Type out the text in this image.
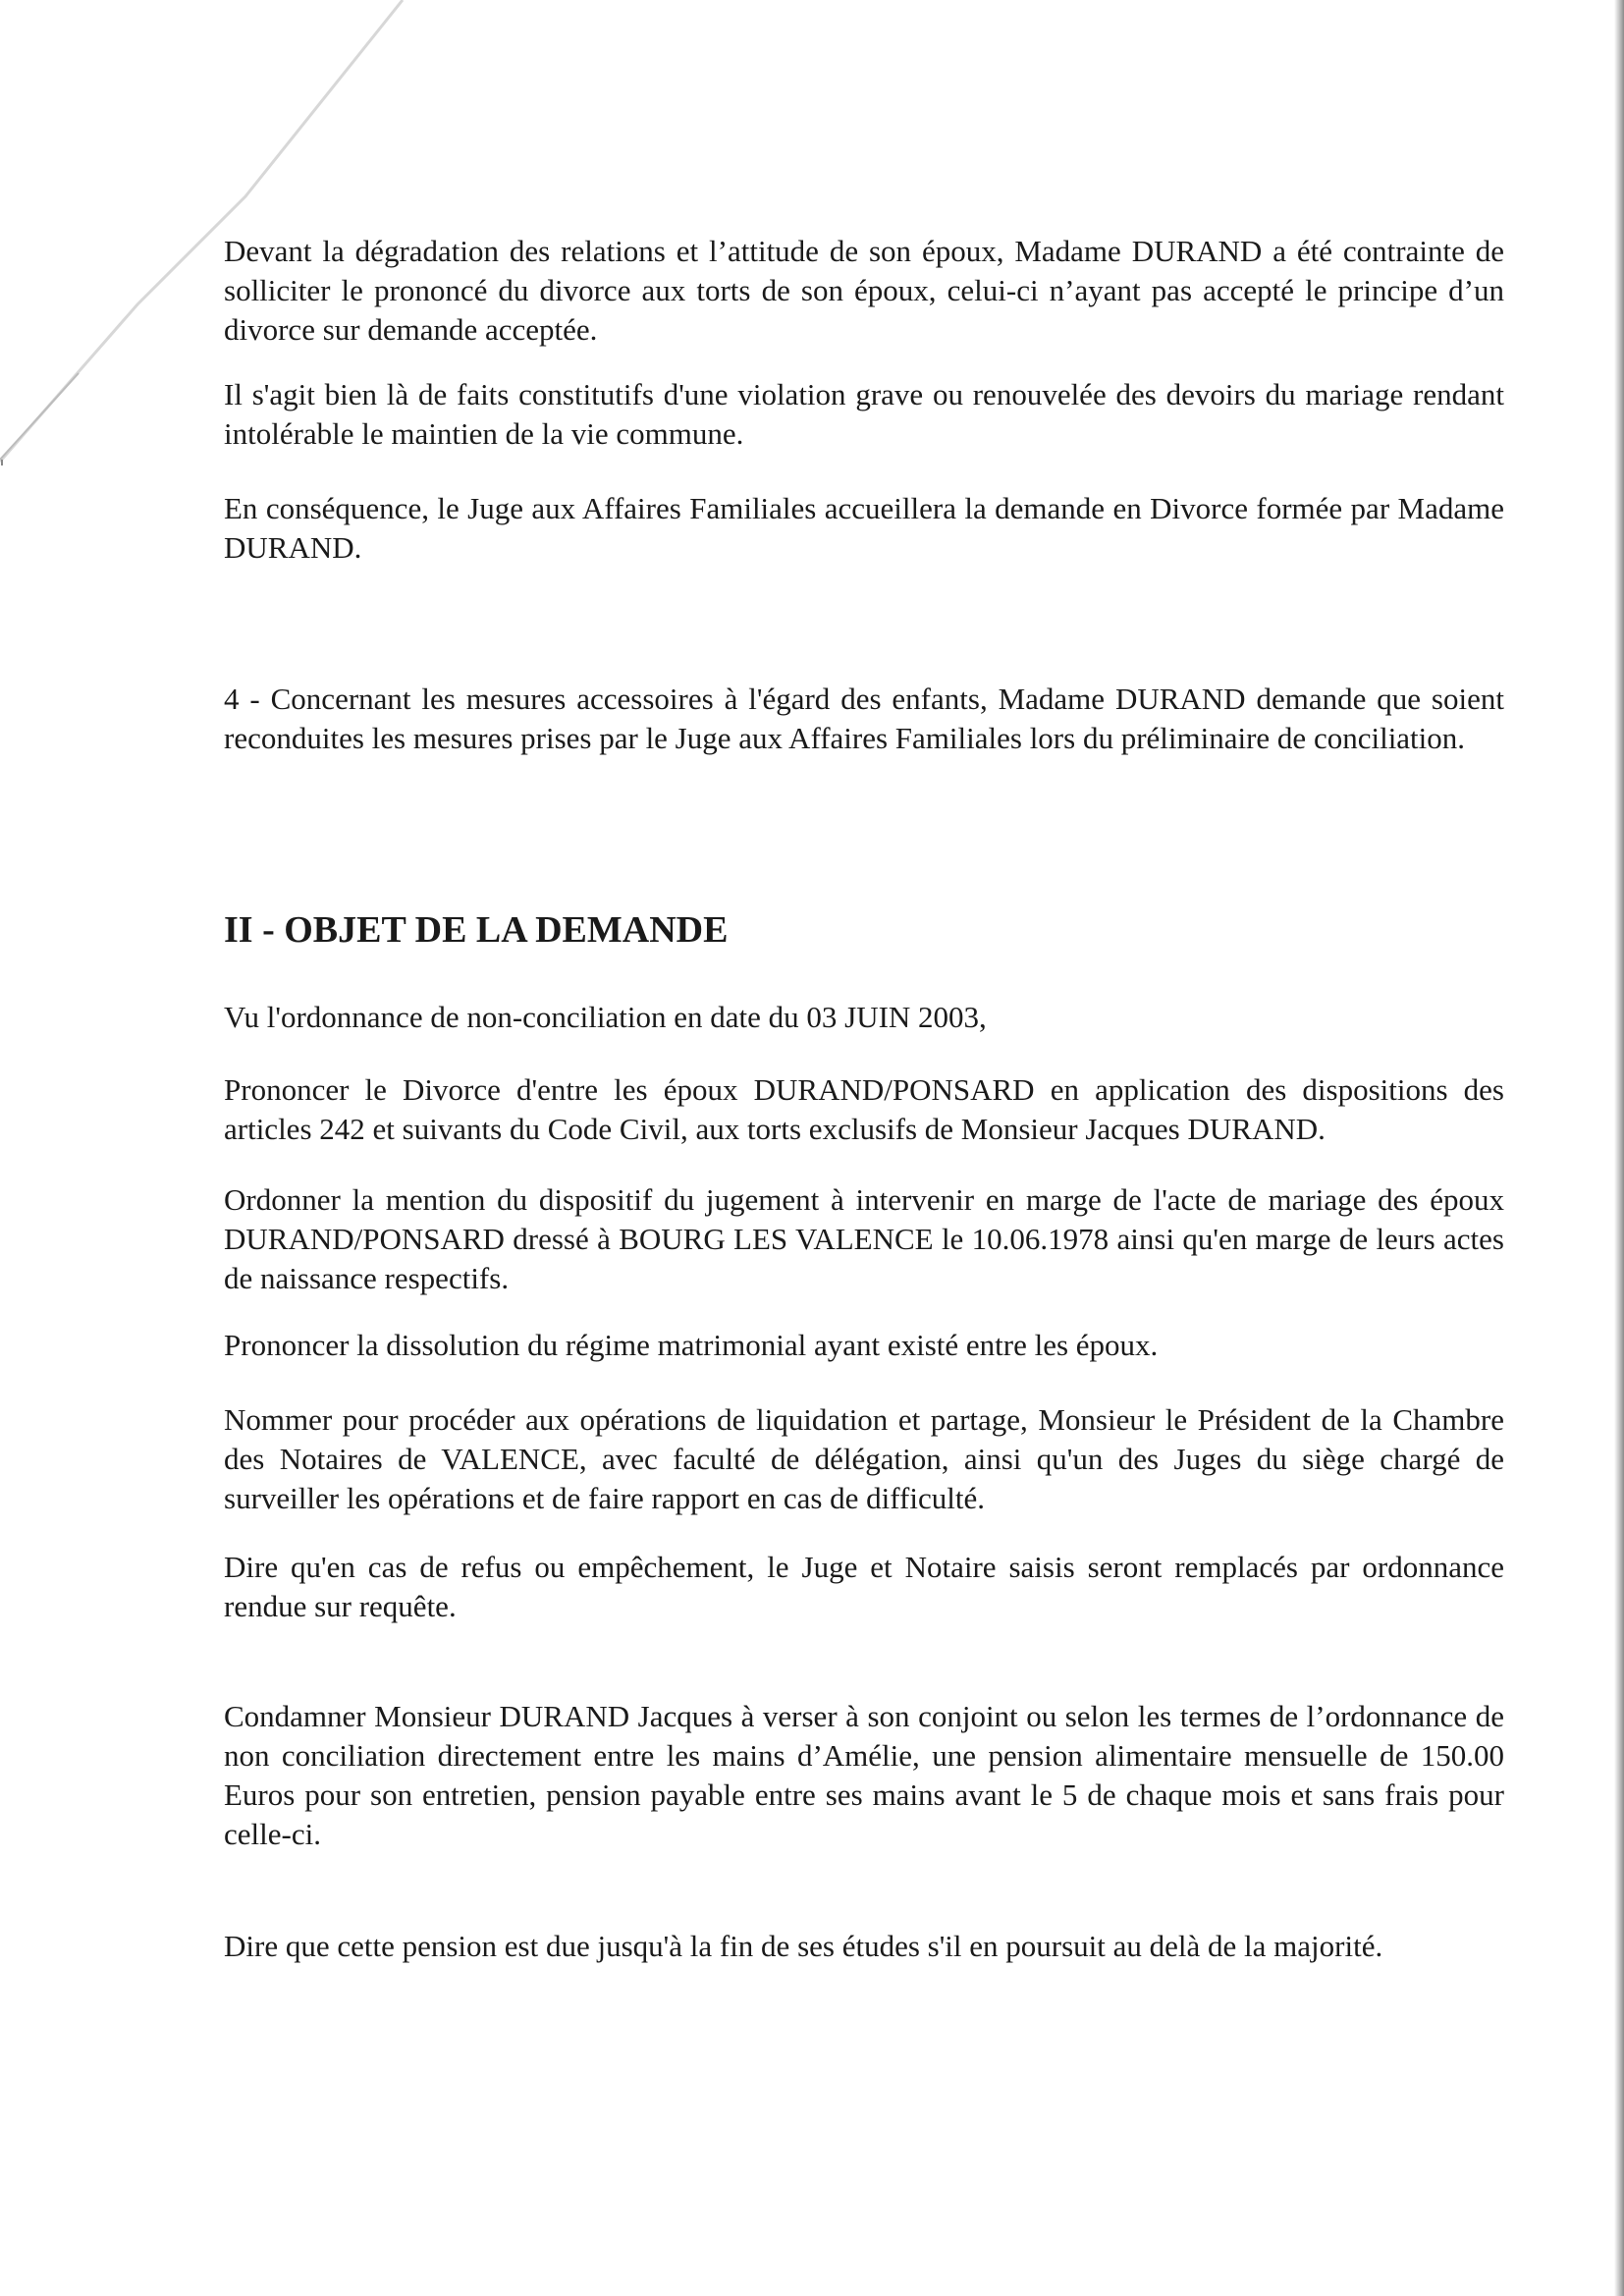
Devant la dégradation des relations et l’attitude de son époux, Madame DURAND a été contrainte de solliciter le prononcé du divorce aux torts de son époux, celui-ci n’ayant pas accepté le principe d’un divorce sur demande acceptée.

Il s'agit bien là de faits constitutifs d'une violation grave ou renouvelée des devoirs du mariage rendant intolérable le maintien de la vie commune.

En conséquence, le Juge aux Affaires Familiales accueillera la demande en Divorce formée par Madame DURAND.

4 - Concernant les mesures accessoires à l'égard des enfants, Madame DURAND demande que soient reconduites les mesures prises par le Juge aux Affaires Familiales lors du préliminaire de conciliation.

II - OBJET DE LA DEMANDE

Vu l'ordonnance de non-conciliation en date du 03 JUIN 2003,

Prononcer le Divorce d'entre les époux DURAND/PONSARD en application des dispositions des articles 242 et suivants du Code Civil, aux torts exclusifs de Monsieur Jacques DURAND.

Ordonner la mention du dispositif du jugement à intervenir en marge de l'acte de mariage des époux DURAND/PONSARD dressé à BOURG LES VALENCE le 10.06.1978 ainsi qu'en marge de leurs actes de naissance respectifs.

Prononcer la dissolution du régime matrimonial ayant existé entre les époux.

Nommer pour procéder aux opérations de liquidation et partage, Monsieur le Président de la Chambre des Notaires de VALENCE, avec faculté de délégation, ainsi qu'un des Juges du siège chargé de surveiller les opérations et de faire rapport en cas de difficulté.

Dire qu'en cas de refus ou empêchement, le Juge et Notaire saisis seront remplacés par ordonnance rendue sur requête.

Condamner Monsieur DURAND Jacques à verser à son conjoint ou selon les termes de l’ordonnance de non conciliation directement entre les mains d’Amélie, une pension alimentaire mensuelle de 150.00 Euros pour son entretien, pension payable entre ses mains avant le 5 de chaque mois et sans frais pour celle-ci.

Dire que cette pension est due jusqu'à la fin de ses études s'il en poursuit au delà de la majorité.
